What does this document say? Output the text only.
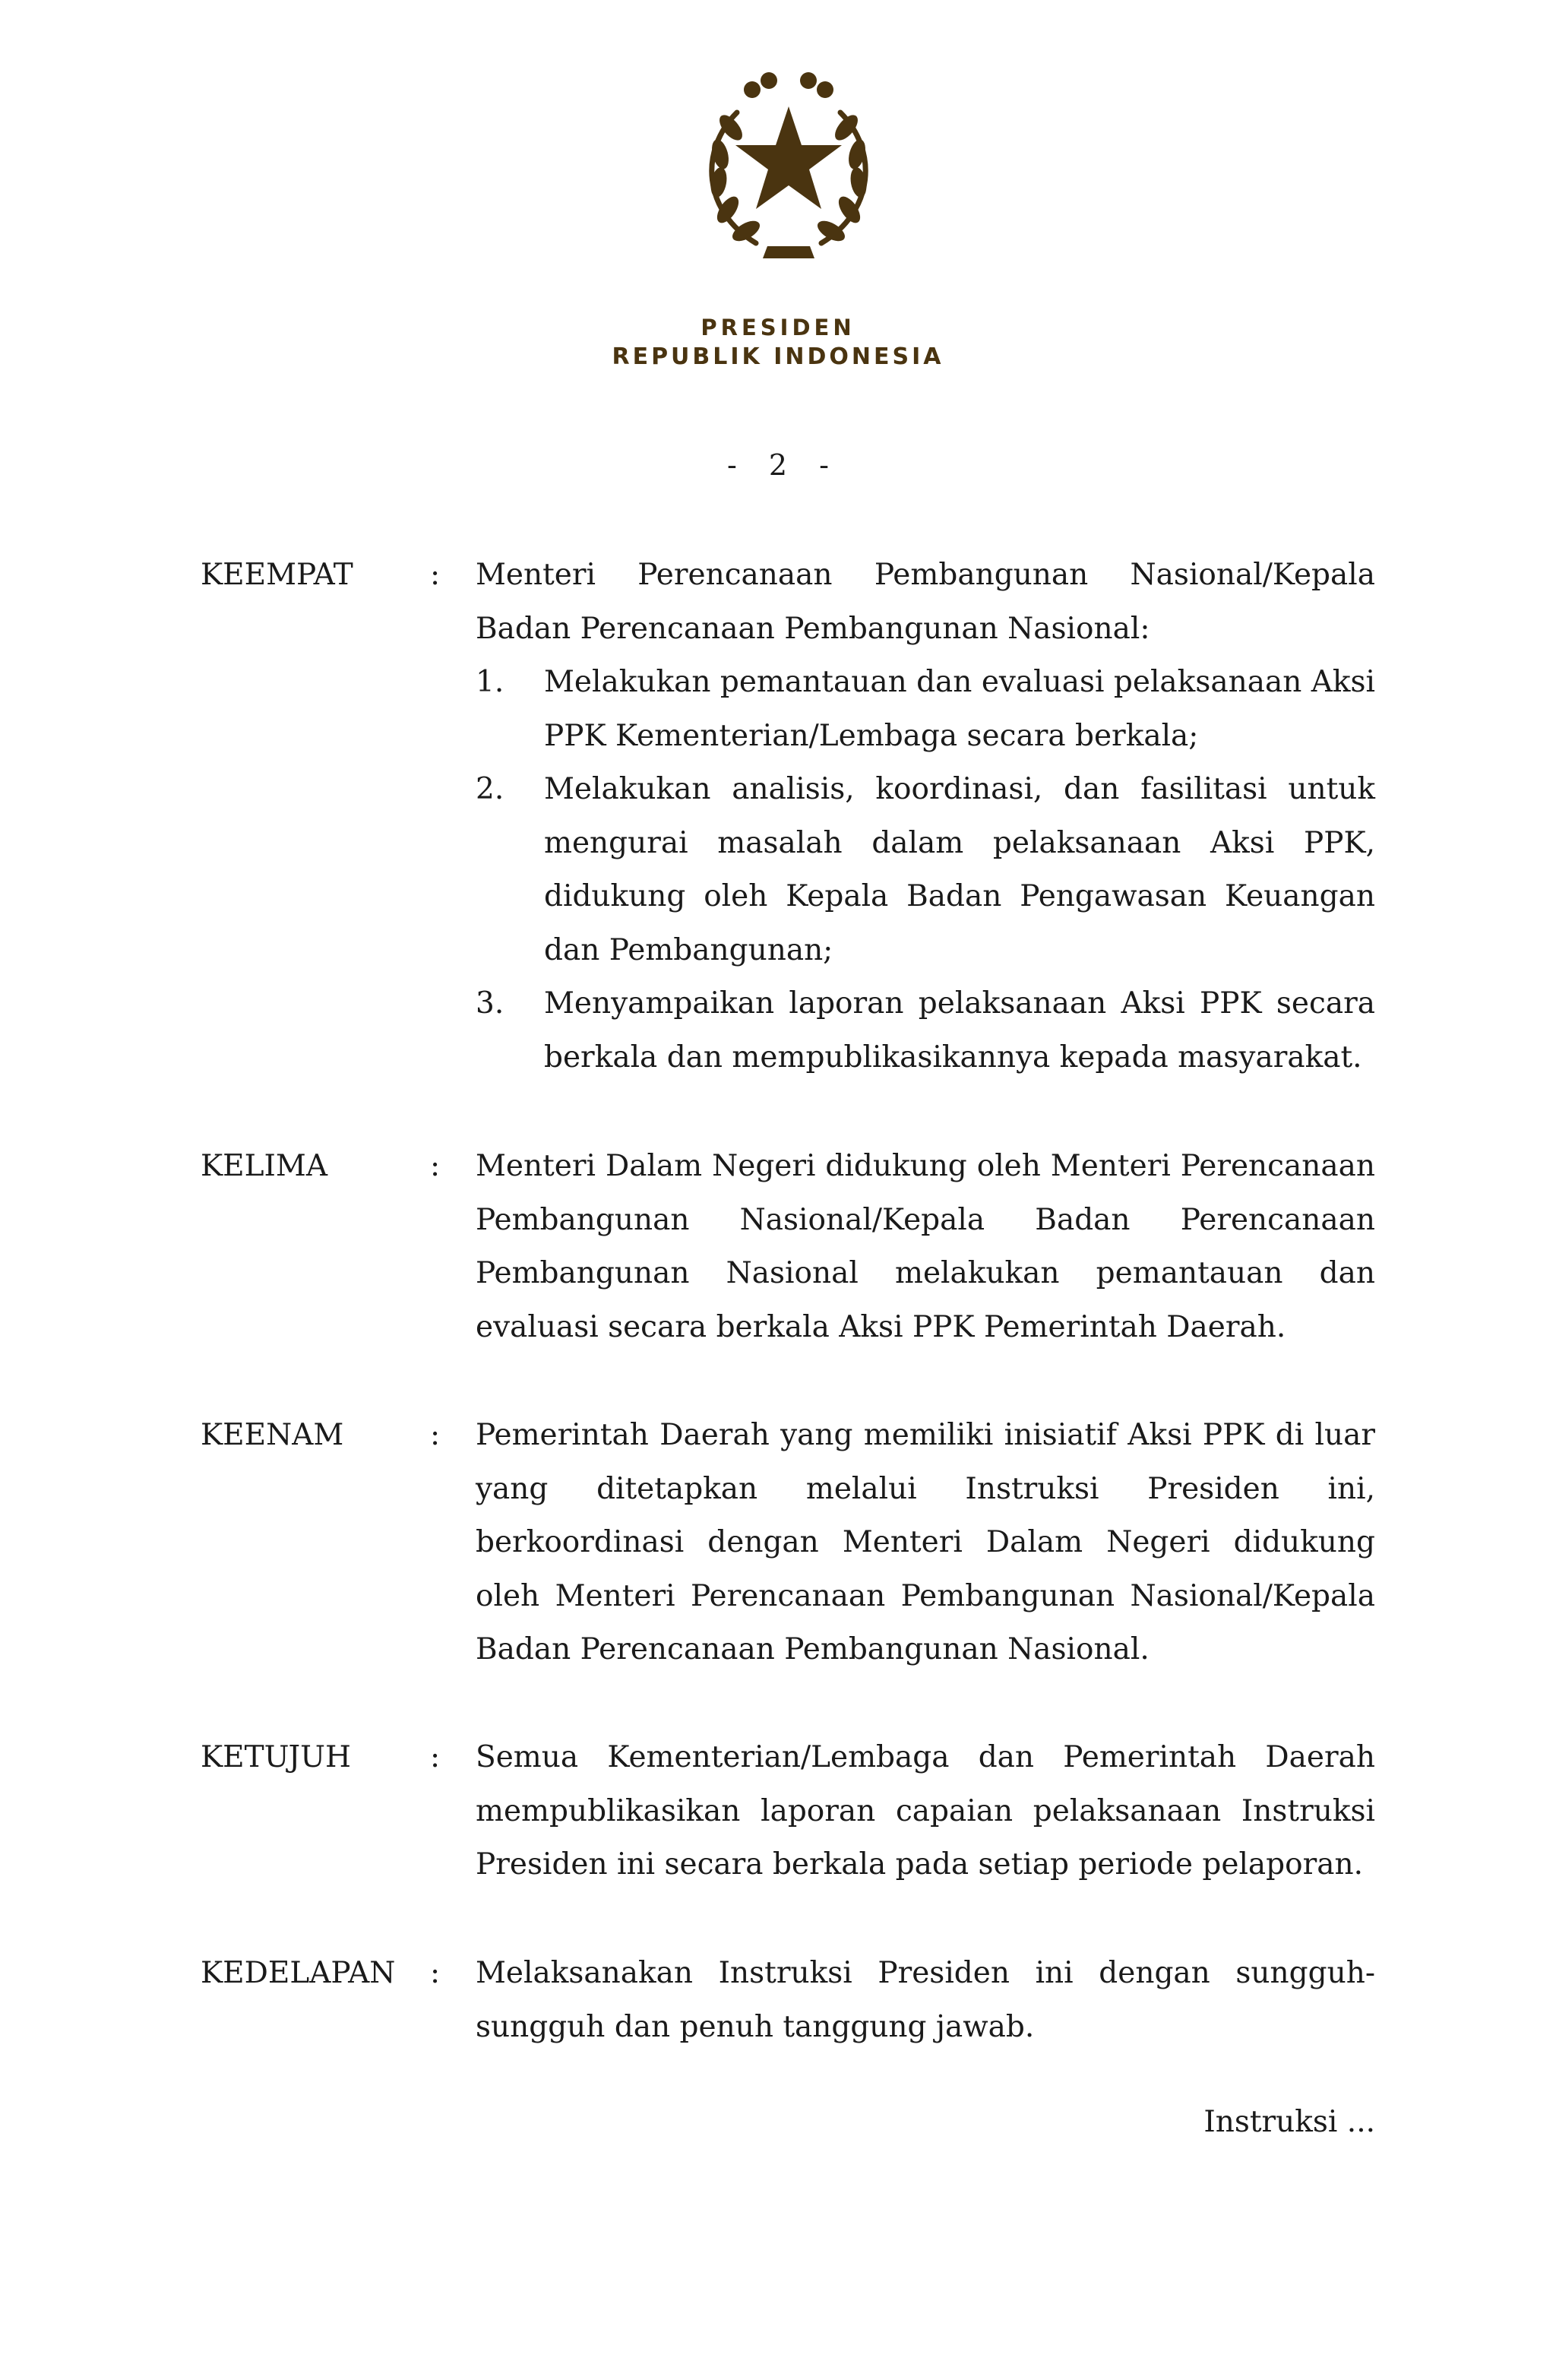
PRESIDEN
REPUBLIK INDONESIA
- 2 -
KEEMPAT	: Menteri Perencanaan Pembangunan Nasional/Kepala Badan Perencanaan Pembangunan Nasional:
1. Melakukan pemantauan dan evaluasi pelaksanaan Aksi PPK Kementerian/Lembaga secara berkala;
2. Melakukan analisis, koordinasi, dan fasilitasi untuk mengurai masalah dalam pelaksanaan Aksi PPK, didukung oleh Kepala Badan Pengawasan Keuangan dan Pembangunan;
3. Menyampaikan laporan pelaksanaan Aksi PPK secara berkala dan mempublikasikannya kepada masyarakat.
KELIMA	: Menteri Dalam Negeri didukung oleh Menteri Perencanaan Pembangunan Nasional/Kepala Badan Perencanaan Pembangunan Nasional melakukan pemantauan dan evaluasi secara berkala Aksi PPK Pemerintah Daerah.
KEENAM	: Pemerintah Daerah yang memiliki inisiatif Aksi PPK di luar yang ditetapkan melalui Instruksi Presiden ini, berkoordinasi dengan Menteri Dalam Negeri didukung oleh Menteri Perencanaan Pembangunan Nasional/Kepala Badan Perencanaan Pembangunan Nasional.
KETUJUH	: Semua Kementerian/Lembaga dan Pemerintah Daerah mempublikasikan laporan capaian pelaksanaan Instruksi Presiden ini secara berkala pada setiap periode pelaporan.
KEDELAPAN : Melaksanakan Instruksi Presiden ini dengan sungguh-sungguh dan penuh tanggung jawab.
Instruksi ...
